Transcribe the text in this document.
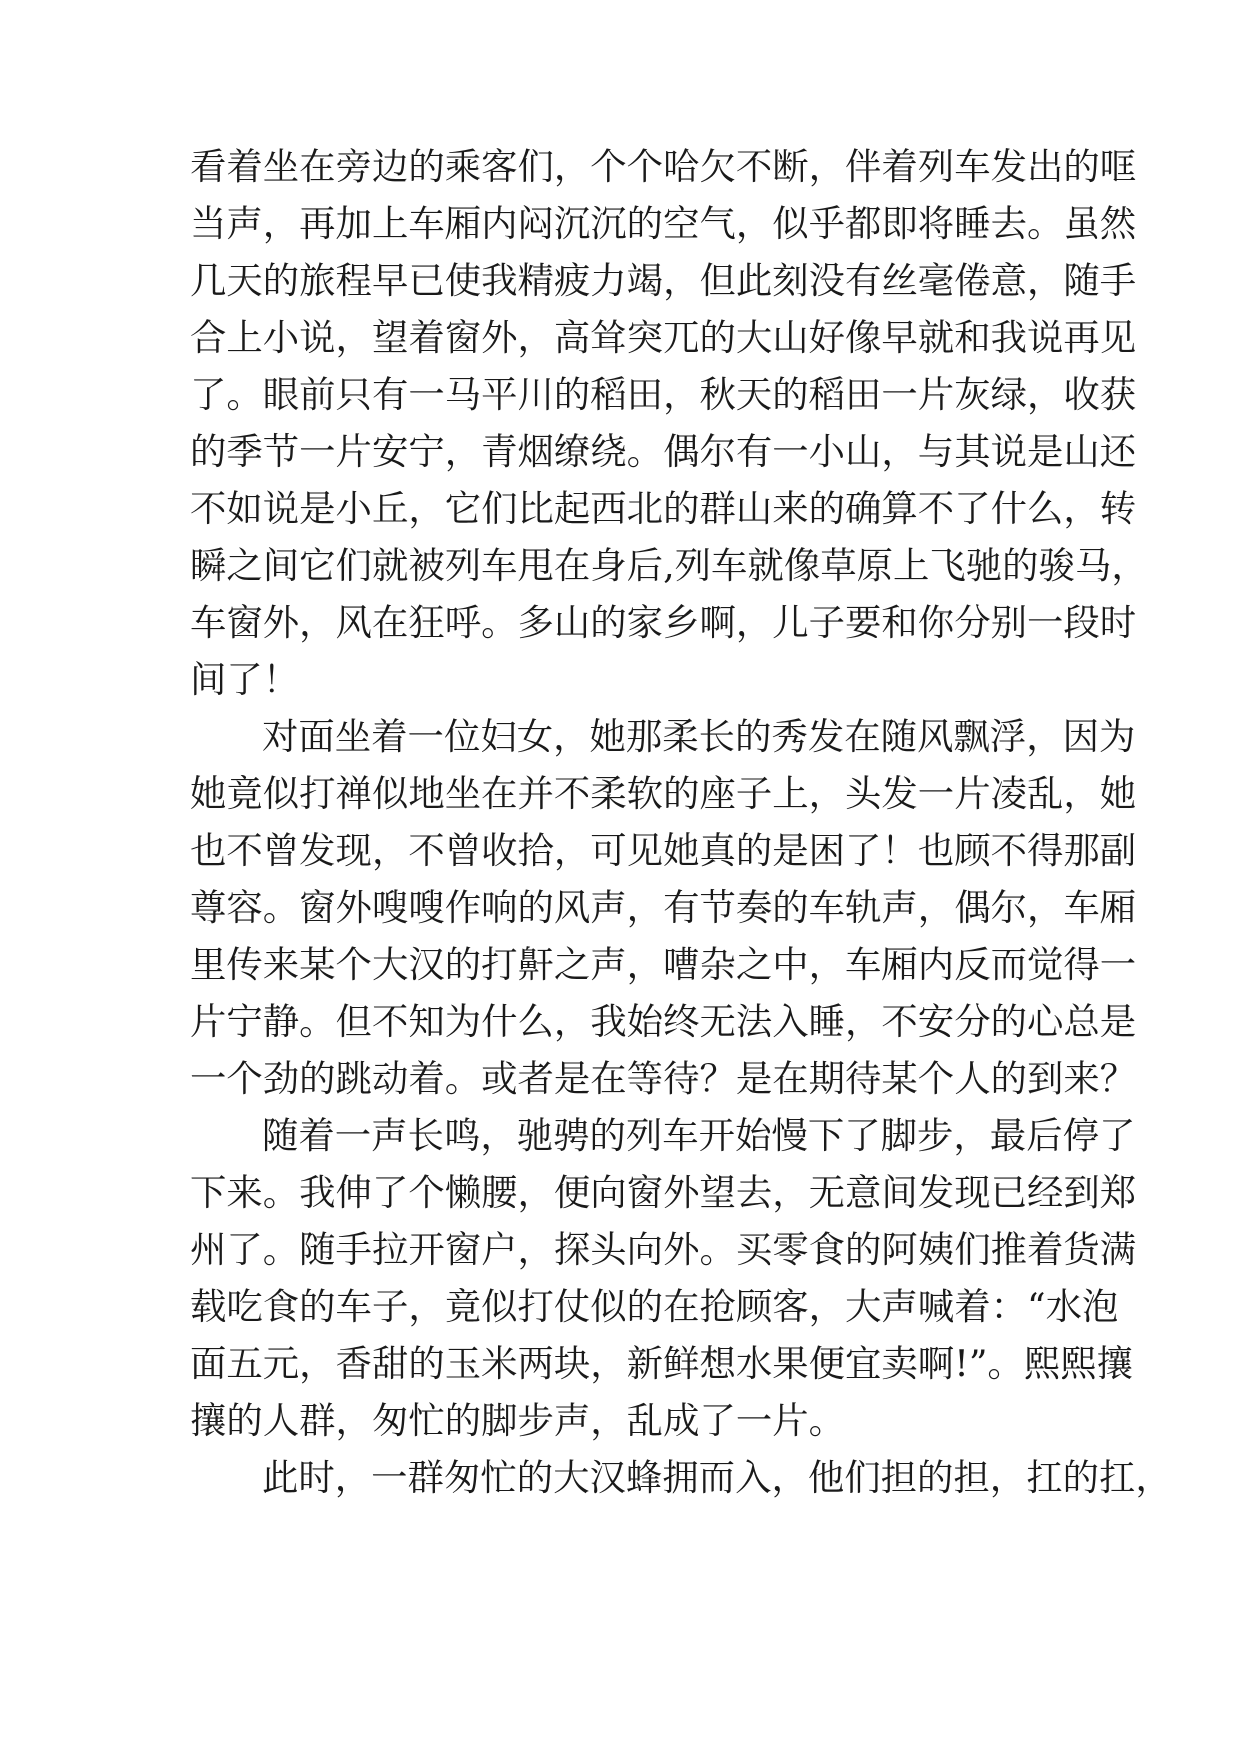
看着坐在旁边的乘客们，个个哈欠不断，伴着列车发出的哐
当声，再加上车厢内闷沉沉的空气，似乎都即将睡去。虽然
几天的旅程早已使我精疲力竭，但此刻没有丝毫倦意，随手
合上小说，望着窗外，高耸突兀的大山好像早就和我说再见
了。眼前只有一马平川的稻田，秋天的稻田一片灰绿，收获
的季节一片安宁，青烟缭绕。偶尔有一小山，与其说是山还
不如说是小丘，它们比起西北的群山来的确算不了什么，转
瞬之间它们就被列车甩在身后,列车就像草原上飞驰的骏马，
车窗外，风在狂呼。多山的家乡啊，儿子要和你分别一段时
间了！
对面坐着一位妇女，她那柔长的秀发在随风飘浮，因为
她竟似打禅似地坐在并不柔软的座子上，头发一片凌乱，她
也不曾发现，不曾收拾，可见她真的是困了！也顾不得那副
尊容。窗外嗖嗖作响的风声，有节奏的车轨声，偶尔，车厢
里传来某个大汉的打鼾之声，嘈杂之中，车厢内反而觉得一
片宁静。但不知为什么，我始终无法入睡，不安分的心总是
一个劲的跳动着。或者是在等待？是在期待某个人的到来？
随着一声长鸣，驰骋的列车开始慢下了脚步，最后停了
下来。我伸了个懒腰，便向窗外望去，无意间发现已经到郑
州了。随手拉开窗户，探头向外。买零食的阿姨们推着货满
载吃食的车子，竟似打仗似的在抢顾客，大声喊着：“水泡
面五元，香甜的玉米两块，新鲜想水果便宜卖啊!”。熙熙攘
攘的人群，匆忙的脚步声，乱成了一片。
此时，一群匆忙的大汉蜂拥而入，他们担的担，扛的扛，
